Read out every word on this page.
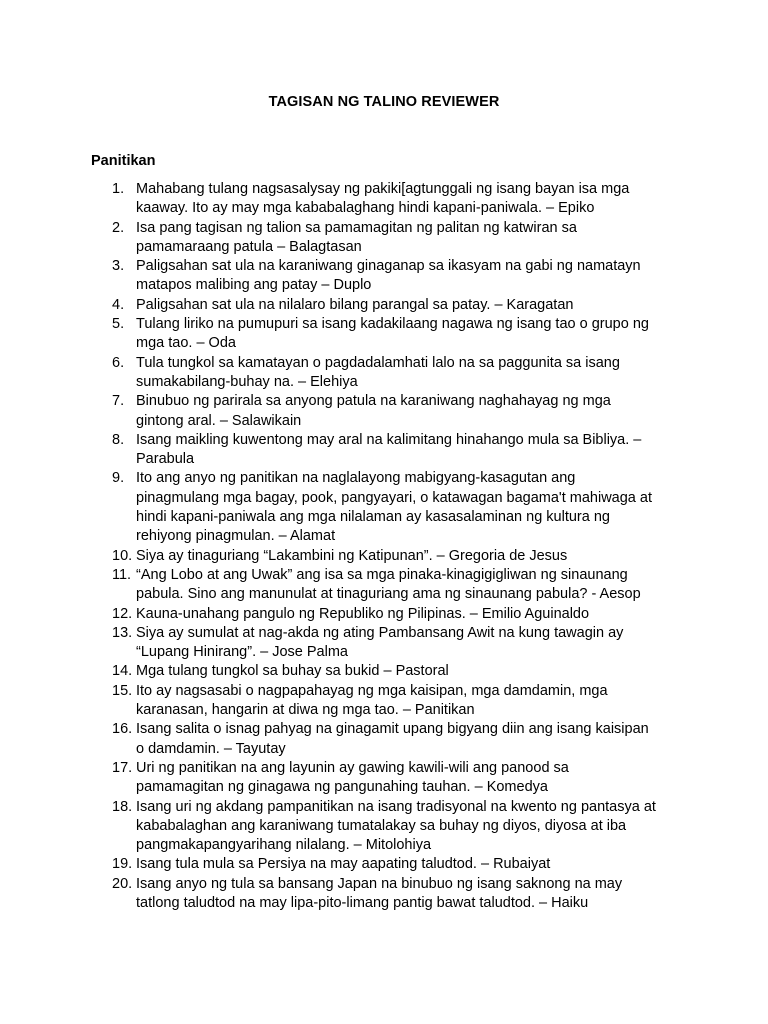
TAGISAN NG TALINO REVIEWER
Panitikan
1. Mahabang tulang nagsasalysay ng pakiki[agtunggali ng isang bayan isa mga
kaaway. Ito ay may mga kababalaghang hindi kapani-paniwala. – Epiko
2. Isa pang tagisan ng talion sa pamamagitan ng palitan ng katwiran sa
pamamaraang patula – Balagtasan
3. Paligsahan sat ula na karaniwang ginaganap sa ikasyam na gabi ng namatayn
matapos malibing ang patay – Duplo
4. Paligsahan sat ula na nilalaro bilang parangal sa patay. – Karagatan
5. Tulang liriko na pumupuri sa isang kadakilaang nagawa ng isang tao o grupo ng
mga tao. – Oda
6. Tula tungkol sa kamatayan o pagdadalamhati lalo na sa paggunita sa isang
sumakabilang-buhay na. – Elehiya
7. Binubuo ng parirala sa anyong patula na karaniwang naghahayag ng mga
gintong aral. – Salawikain
8. Isang maikling kuwentong may aral na kalimitang hinahango mula sa Bibliya. –
Parabula
9. Ito ang anyo ng panitikan na naglalayong mabigyang-kasagutan ang
pinagmulang mga bagay, pook, pangyayari, o katawagan bagama't mahiwaga at
hindi kapani-paniwala ang mga nilalaman ay kasasalaminan ng kultura ng
rehiyong pinagmulan. – Alamat
10. Siya ay tinaguriang “Lakambini ng Katipunan”. – Gregoria de Jesus
11. “Ang Lobo at ang Uwak” ang isa sa mga pinaka-kinagigigliwan ng sinaunang
pabula. Sino ang manunulat at tinaguriang ama ng sinaunang pabula? - Aesop
12. Kauna-unahang pangulo ng Republiko ng Pilipinas. – Emilio Aguinaldo
13. Siya ay sumulat at nag-akda ng ating Pambansang Awit na kung tawagin ay
“Lupang Hinirang”. – Jose Palma
14. Mga tulang tungkol sa buhay sa bukid – Pastoral
15. Ito ay nagsasabi o nagpapahayag ng mga kaisipan, mga damdamin, mga
karanasan, hangarin at diwa ng mga tao. – Panitikan
16. Isang salita o isnag pahyag na ginagamit upang bigyang diin ang isang kaisipan
o damdamin. – Tayutay
17. Uri ng panitikan na ang layunin ay gawing kawili-wili ang panood sa
pamamagitan ng ginagawa ng pangunahing tauhan. – Komedya
18. Isang uri ng akdang pampanitikan na isang tradisyonal na kwento ng pantasya at
kababalaghan ang karaniwang tumatalakay sa buhay ng diyos, diyosa at iba
pangmakapangyarihang nilalang. – Mitolohiya
19. Isang tula mula sa Persiya na may aapating taludtod. – Rubaiyat
20. Isang anyo ng tula sa bansang Japan na binubuo ng isang saknong na may
tatlong taludtod na may lipa-pito-limang pantig bawat taludtod. – Haiku
